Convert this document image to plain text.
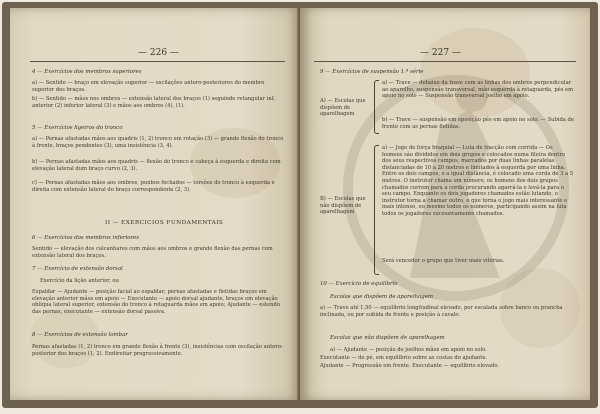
— 226 —
4 — Exercícios dos membros superiores
a) — Sentido — braço em elevação superior — oscilações antero-posteriores do membro superior dos braços.
b) — Sentido — mãos nos ombros — extensão lateral dos braços (1) seguindo retangular inf. anterior (2) inferior lateral (3) e mãos aos ombros (4), (1).
5 — Exercícios ligeiros do tronco
a) — Pernas afastadas mãos aos quadris (1, 2) tronco em rotação (3) — grande flexão do tronco à frente, braços pendentes (3), uma insistência (3, 4).
b) — Pernas afastadas mãos aos quadris — flexão do tronco e cabeça à esquerda e direita com elevação lateral dum braço curvo (2, 3).
c) — Pernas afastadas mãos aos ombros, punhos fechados — torsões do tronco à esquerda e direita com extensão lateral do braço correspondente (2, 3).
II — EXERCICIOS FUNDAMENTAIS
6 — Exercícios dos membros inferiores
Sentido — elevação dos calcanhares com mãos aos ombros e grande flexão das pernas com extensão lateral dos braços.
7 — Exercício de extensão dorsal
Exercício da lição anterior, ou
Espaldar — Ajudante — posição facial ao espaldar; pernas afastadas e fletidas braços em elevação anterior mãos em apoio — Executante — apoio dorsal ajudante, braços em elevação obliqua lateral superior, extensão do tronco à retaguarda mãos em apoio; Ajudante — estendo das pernas, executante — extensão dorsal passiva.
8 — Exercícios de extensão lombar
Pernas afastadas (1, 2) tronco em grande flexão à frente (3), insistências com oscilação antero-posterior dos braços (1, 2). Endireitar progressivamente.
— 227 —
9 — Exercícios de suspensão 1.ª série
A) — Escolas que dispõem de aparelhagem
a) — Trave — debaixo da trave com as linhas dos ombros perpendicular ao aparelho, suspensão transversal, mão esquerda à retaguarda, pés em apoio no solo — Suspensão transversal joelho em apoio.
b) — Trave — suspensão em oposição pés em apoio no solo. — Subida de frente com as pernas fletidas.
B) — Escolas que não dispõem de aparelhagem
a) — Jogo de força braquial — Luta de tracção com corrida — Os homens são divididos em dois grupos e colocados numa fileira dentro dos seus respectivos campos, marcados por duas linhas paralelas distanciadas de 10 a 20 metros e limitados à esquerda por uma linha. Entre os dois campos, e a igual distância, é colocado uma corda de 3 a 5 metros. O instrutor chama um número, os homens dos dois grupos chamados correm para a corda procurando agarrá-la e levá-la para o seu campo. Enquanto os dois jogadores chamados estão lutando, o instrutor torna a chamar outro, e que torna o jogo mais interessante e mais intenso, ou mesmo todos os números, participando assim na luta todos os jogadores sucessivamente chamados.
Será vencedor o grupo que tiver mais vitórias.
10 — Exercício de equilíbrio
Escolas que dispõem de aparelhagem
a) — Trave até 1,50 — equilíbrio longitudinal elevado, por escalada sobre banco ou prancha inclinada, ou por subida de frente e posição à cavalo.
Escolas que não dispõem de aparelhagem
a) — Ajudante — posição de joelhos mãos em apoio no solo.
Executante — de pé, em equilíbrio sobre as costas do ajudante.
Ajudante — Progressão em frente. Executante — equilíbrio elevado.
